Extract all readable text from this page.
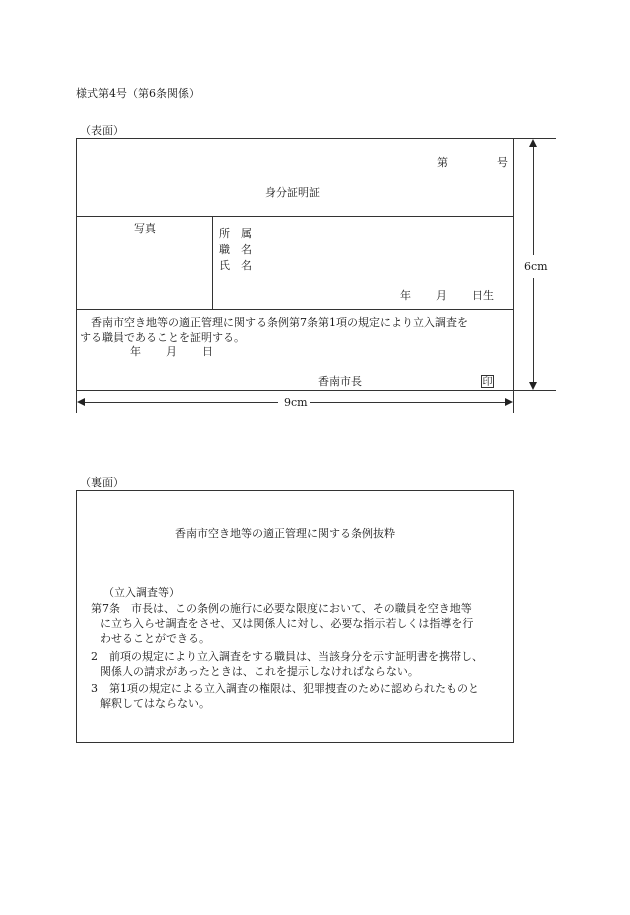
様式第4号（第6条関係）
（表面）
第	号
身分証明証
写真	所　属
職　名
氏　名
年 月 日生
香南市空き地等の適正管理に関する条例第7条第1項の規定により立入調査を
する職員であることを証明する。
年 月 日
香南市長	印
6cm
9cm
（裏面）
香南市空き地等の適正管理に関する条例抜粋
（立入調査等）
第7条　市長は、この条例の施行に必要な限度において、その職員を空き地等
に立ち入らせ調査をさせ、又は関係人に対し、必要な指示若しくは指導を行
わせることができる。
2　前項の規定により立入調査をする職員は、当該身分を示す証明書を携帯し、
関係人の請求があったときは、これを提示しなければならない。
3　第1項の規定による立入調査の権限は、犯罪捜査のために認められたものと
解釈してはならない。
